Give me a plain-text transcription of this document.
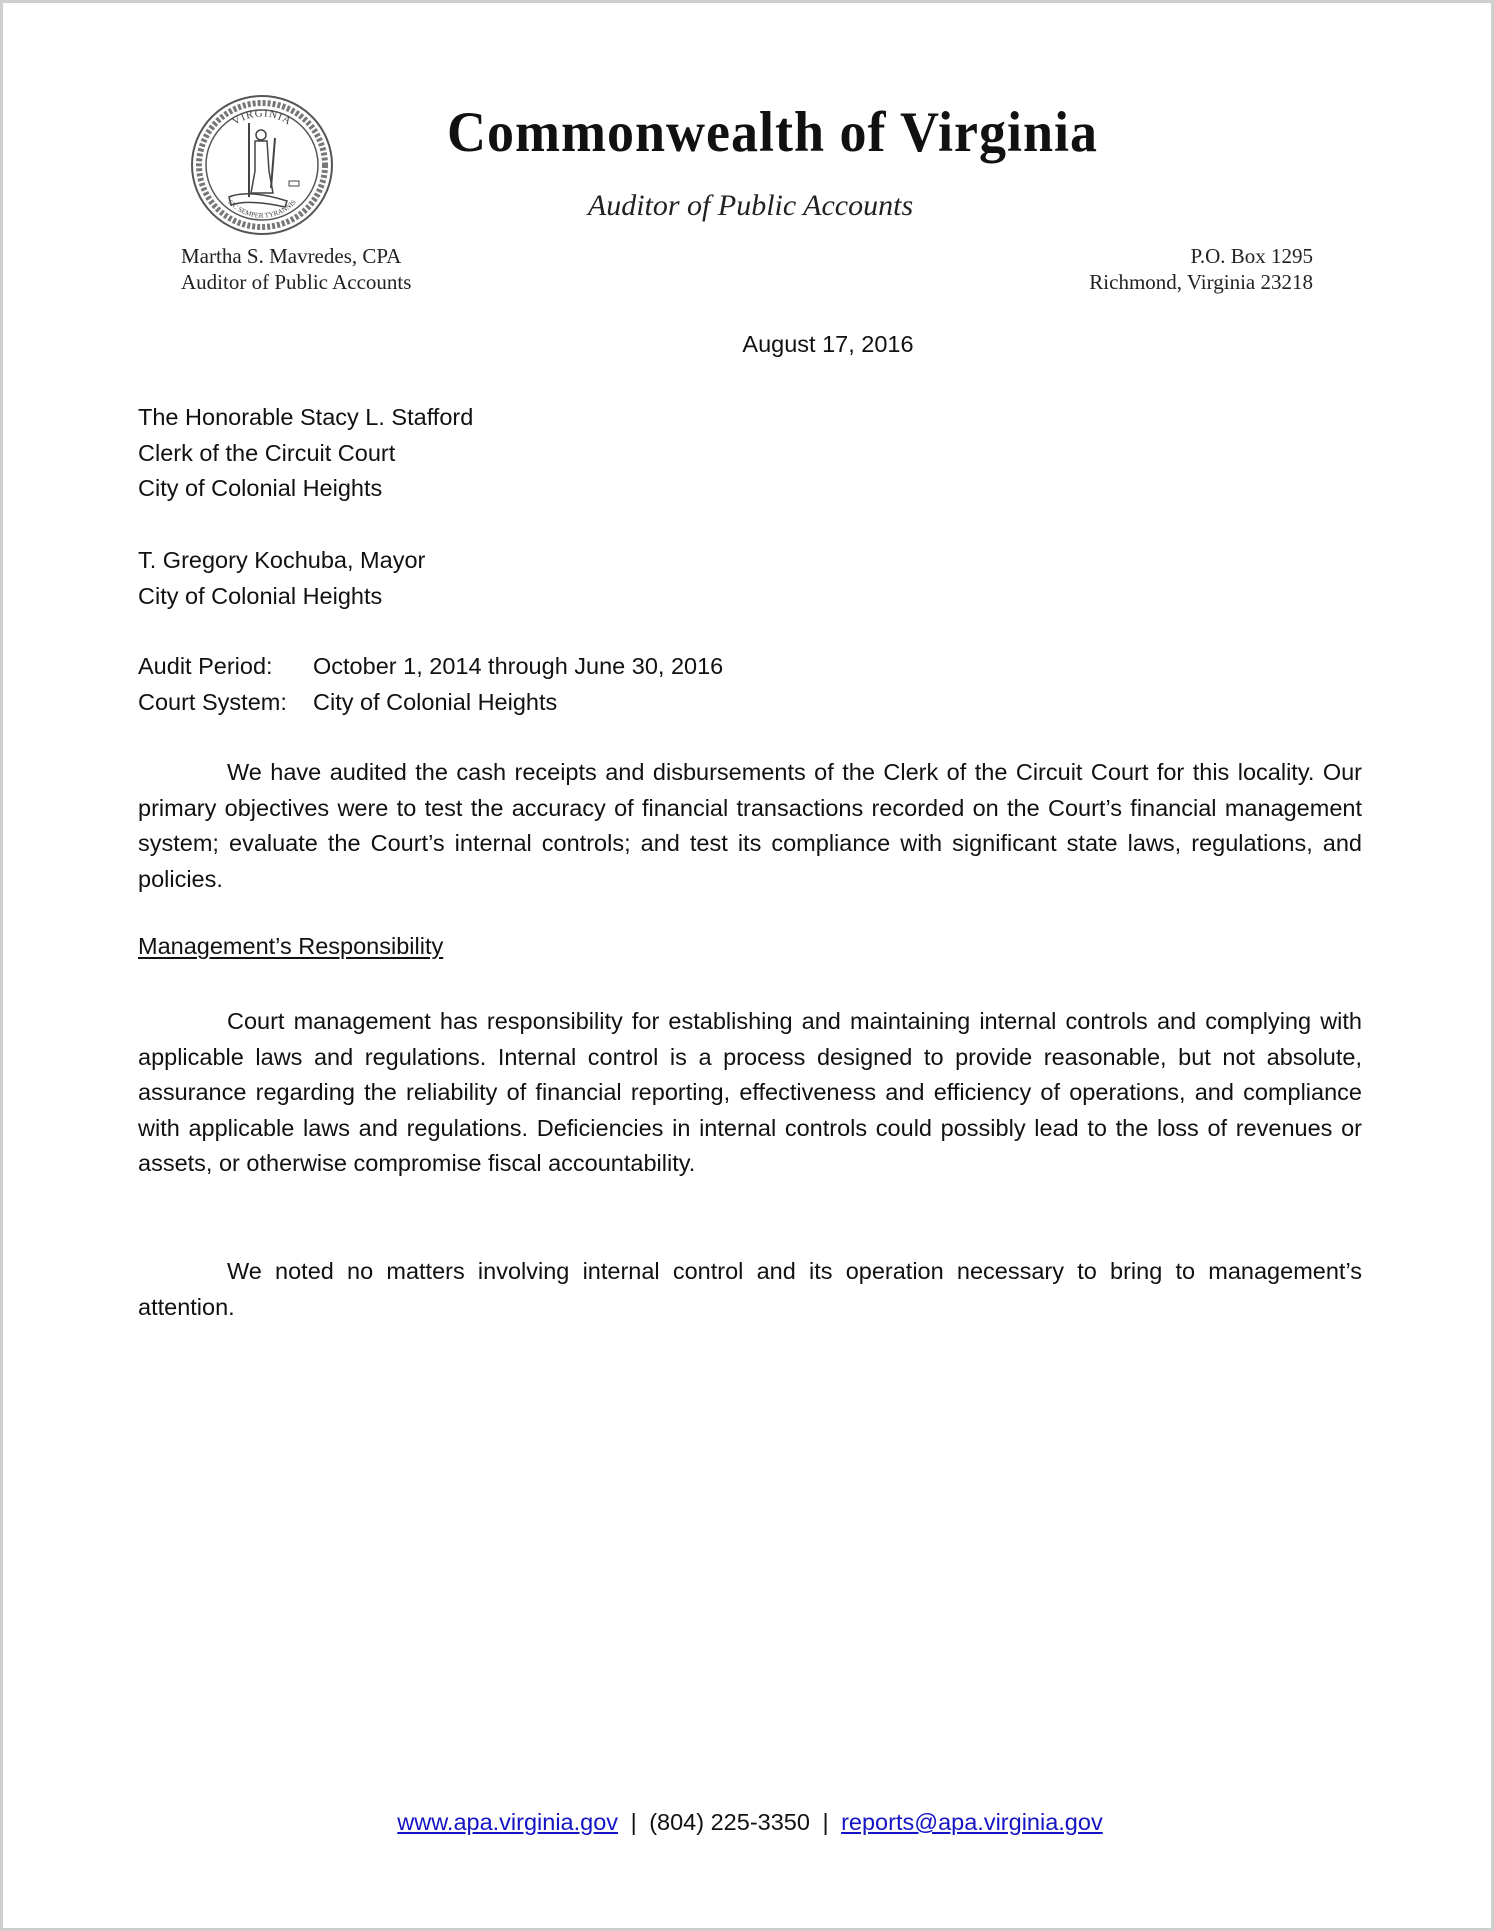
VIRGINIA
SIC SEMPER TYRANNIS
Commonwealth of Virginia
Auditor of Public Accounts
Martha S. Mavredes, CPA
Auditor of Public Accounts
P.O. Box 1295
Richmond, Virginia 23218
August 17, 2016
The Honorable Stacy L. Stafford
Clerk of the Circuit Court
City of Colonial Heights
T. Gregory Kochuba, Mayor
City of Colonial Heights
Audit Period: October 1, 2014 through June 30, 2016
Court System: City of Colonial Heights

We have audited the cash receipts and disbursements of the Clerk of the Circuit Court for this locality. Our primary objectives were to test the accuracy of financial transactions recorded on the Court’s financial management system; evaluate the Court’s internal controls; and test its compliance with significant state laws, regulations, and policies.

Management’s Responsibility

Court management has responsibility for establishing and maintaining internal controls and complying with applicable laws and regulations. Internal control is a process designed to provide reasonable, but not absolute, assurance regarding the reliability of financial reporting, effectiveness and efficiency of operations, and compliance with applicable laws and regulations. Deficiencies in internal controls could possibly lead to the loss of revenues or assets, or otherwise compromise fiscal accountability.

We noted no matters involving internal control and its operation necessary to bring to management’s attention.

www.apa.virginia.gov | (804) 225-3350 | reports@apa.virginia.gov
